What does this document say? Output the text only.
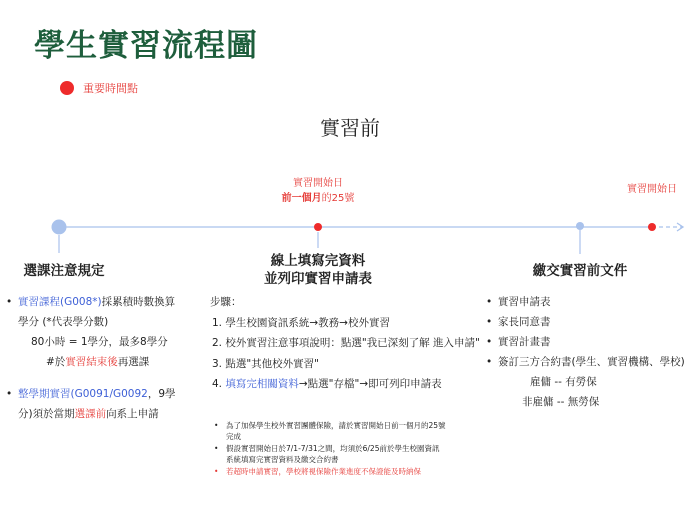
學生實習流程圖
重要時間點
實習前
實習開始日
前一個月的25號
實習開始日
選課注意規定
• 實習課程(G008*)採累積時數換算
學分 (*代表學分數)
80小時 = 1學分，最多8學分
#於實習結束後再選課
• 整學期實習(G0091/G0092，9學
分)須於當期選課前向系上申請
線上填寫完資料
並列印實習申請表
步驟：
1. 學生校園資訊系統→教務→校外實習
2. 校外實習注意事項說明：點選"我已深刻了解 進入申請"
3. 點選"其他校外實習"
4. 填寫完相關資料→點選"存檔"→即可列印申請表
• 為了加保學生校外實習團體保險，請於實習開始日前一個月的25號完成
• 假設實習開始日於7/1-7/31之間，均須於6/25前於學生校園資訊系統填寫完實習資料及繳交合約書
• 若超時申請實習，學校將視保險作業進度不保證能及時納保
繳交實習前文件
• 實習申請表
• 家長同意書
• 實習計畫書
• 簽訂三方合約書(學生、實習機構、學校)
雇傭 -- 有勞保
非雇傭 -- 無勞保
